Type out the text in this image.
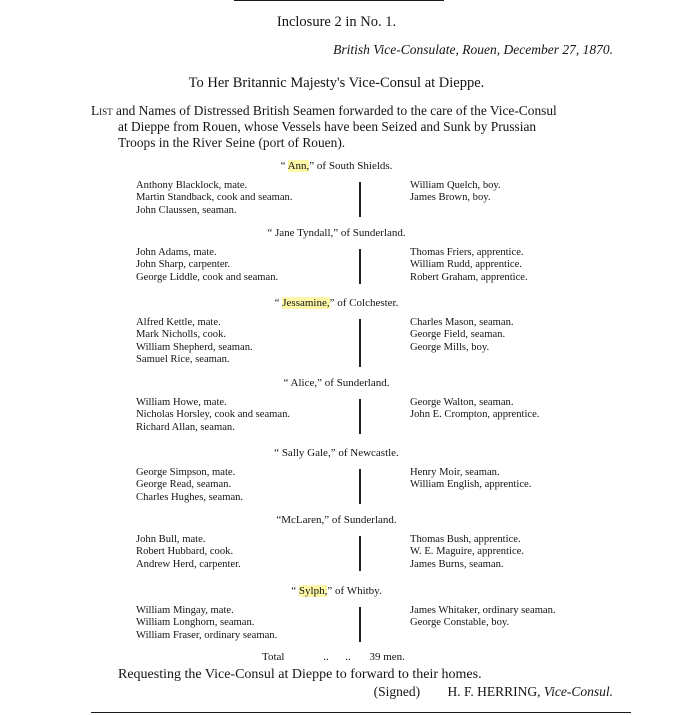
Inclosure 2 in No. 1.
British Vice-Consulate, Rouen, December 27, 1870.
To Her Britannic Majesty's Vice-Consul at Dieppe.
List and Names of Distressed British Seamen forwarded to the care of the Vice-Consul
at Dieppe from Rouen, whose Vessels have been Seized and Sunk by Prussian
Troops in the River Seine (port of Rouen).
“ Ann,” of South Shields.
Anthony Blacklock, mate.
Martin Standback, cook and seaman.
John Claussen, seaman.
William Quelch, boy.
James Brown, boy.
“ Jane Tyndall,” of Sunderland.
John Adams, mate.
John Sharp, carpenter.
George Liddle, cook and seaman.
Thomas Friers, apprentice.
William Rudd, apprentice.
Robert Graham, apprentice.
“ Jessamine,” of Colchester.
Alfred Kettle, mate.
Mark Nicholls, cook.
William Shepherd, seaman.
Samuel Rice, seaman.
Charles Mason, seaman.
George Field, seaman.
George Mills, boy.
“ Alice,” of Sunderland.
William Howe, mate.
Nicholas Horsley, cook and seaman.
Richard Allan, seaman.
George Walton, seaman.
John E. Crompton, apprentice.
“ Sally Gale,” of Newcastle.
George Simpson, mate.
George Read, seaman.
Charles Hughes, seaman.
Henry Moir, seaman.
William English, apprentice.
“McLaren,” of Sunderland.
John Bull, mate.
Robert Hubbard, cook.
Andrew Herd, carpenter.
Thomas Bush, apprentice.
W. E. Maguire, apprentice.
James Burns, seaman.
“ Sylph,” of Whitby.
William Mingay, mate.
William Longhorn, seaman.
William Fraser, ordinary seaman.
James Whitaker, ordinary seaman.
George Constable, boy.
Total	..      .. 39 men.
Requesting the Vice-Consul at Dieppe to forward to their homes.
(Signed) H. F. HERRING, Vice-Consul.
